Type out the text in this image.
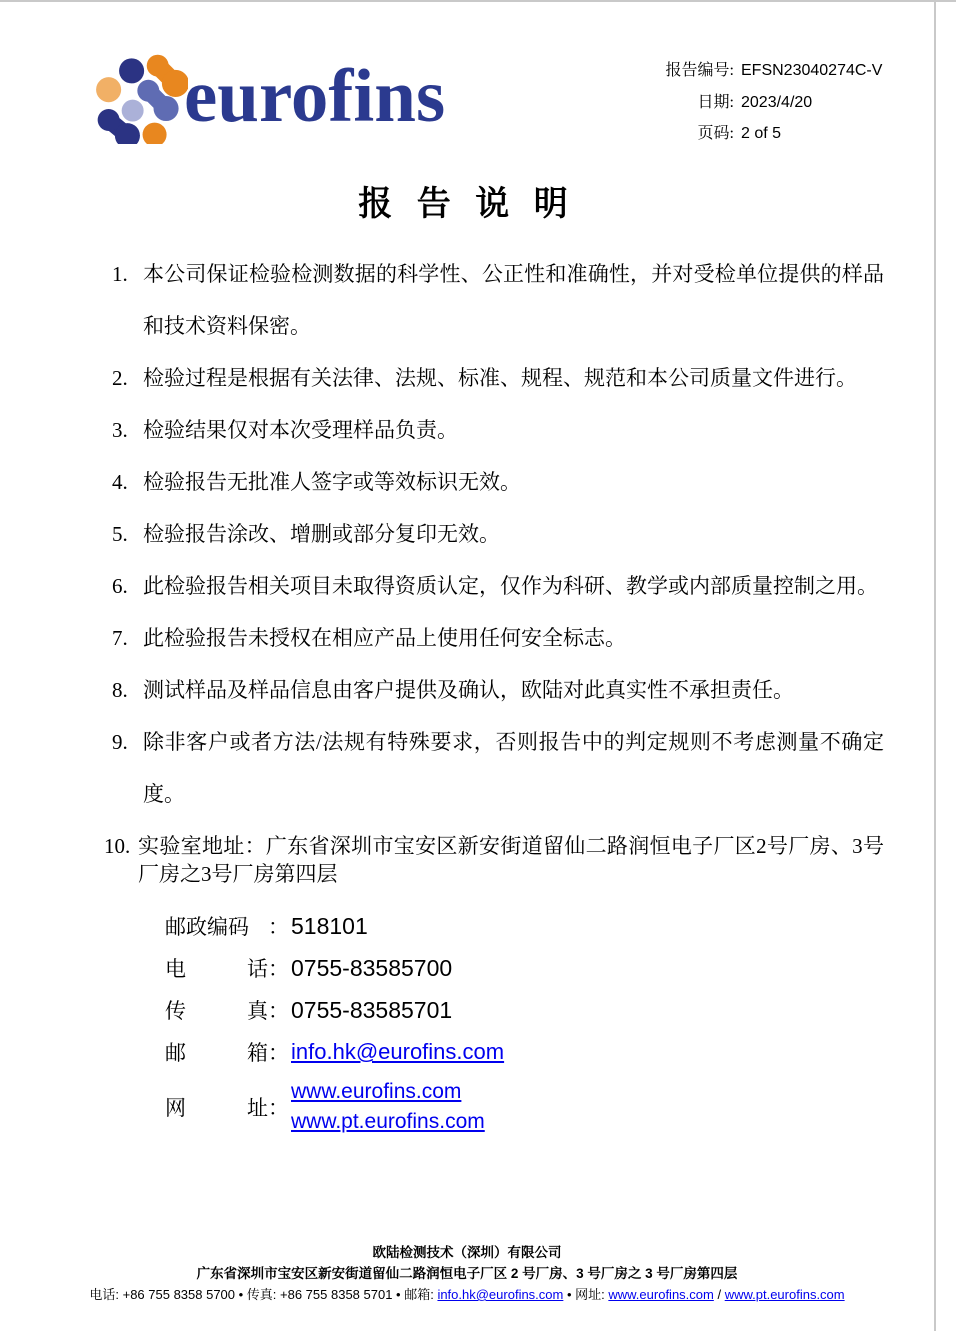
eurofins	报告编号: EFSN23040274C-V
日期: 2023/4/20
页码: 2 of 5
报 告 说 明
1. 本公司保证检验检测数据的科学性、公正性和准确性，并对受检单位提供的样品和技术资料保密。
2. 检验过程是根据有关法律、法规、标准、规程、规范和本公司质量文件进行。
3. 检验结果仅对本次受理样品负责。
4. 检验报告无批准人签字或等效标识无效。
5. 检验报告涂改、增删或部分复印无效。
6. 此检验报告相关项目未取得资质认定，仅作为科研、教学或内部质量控制之用。
7. 此检验报告未授权在相应产品上使用任何安全标志。
8. 测试样品及样品信息由客户提供及确认，欧陆对此真实性不承担责任。
9. 除非客户或者方法/法规有特殊要求，否则报告中的判定规则不考虑测量不确定度。
10. 实验室地址：广东省深圳市宝安区新安街道留仙二路润恒电子厂区2号厂房、3号厂房之3号厂房第四层
邮政编码 ： 518101
电	话： 0755-83585700
传	真： 0755-83585701
邮	箱： info.hk@eurofins.com
网	址：
www.eurofins.com
www.pt.eurofins.com
欧陆检测技术（深圳）有限公司
广东省深圳市宝安区新安街道留仙二路润恒电子厂区 2 号厂房、3 号厂房之 3 号厂房第四层
电话: +86 755 8358 5700 • 传真: +86 755 8358 5701 • 邮箱: info.hk@eurofins.com • 网址: www.eurofins.com / www.pt.eurofins.com
